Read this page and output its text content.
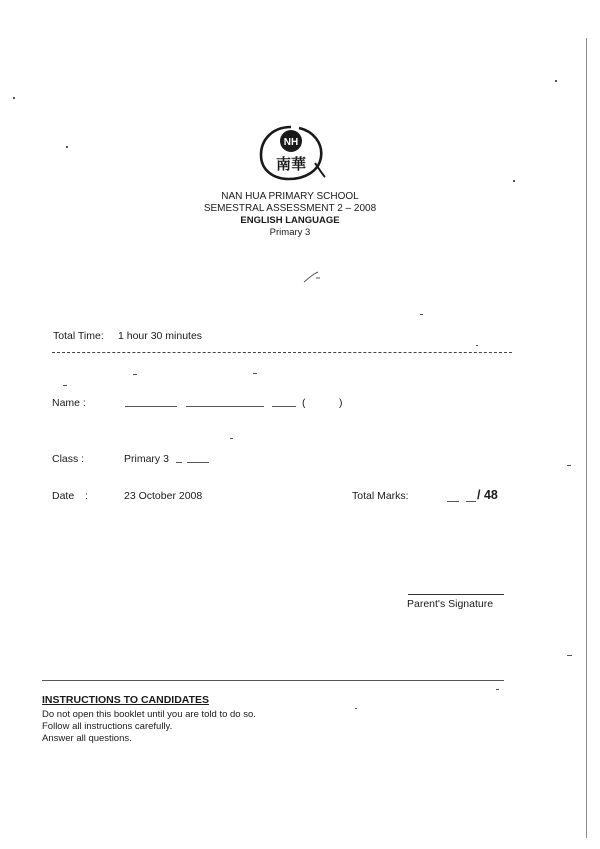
NH
南華
NAN HUA PRIMARY SCHOOL
SEMESTRAL ASSESSMENT 2 – 2008
ENGLISH LANGUAGE
Primary 3
Total Time: 1 hour 30 minutes
Name :	(	)
Class :	Primary 3
Date :	23 October 2008	Total Marks:	/ 48
Parent's Signature
INSTRUCTIONS TO CANDIDATES
Do not open this booklet until you are told to do so.
Follow all instructions carefully.
Answer all questions.
